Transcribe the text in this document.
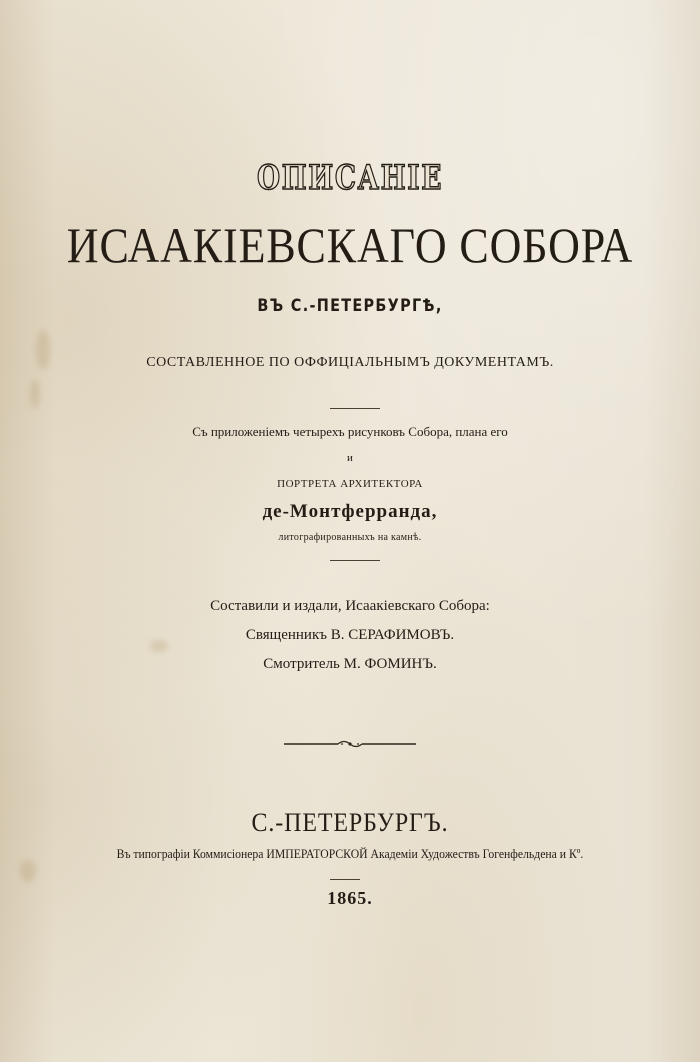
ОПИСАНІЕ
ИСААКІЕВСКАГО СОБОРА
ВЪ С.-ПЕТЕРБУРГѢ,
СОСТАВЛЕННОЕ ПО ОФФИЦІАЛЬНЫМЪ ДОКУМЕНТАМЪ.
Съ приложеніемъ четырехъ рисунковъ Собора, плана его
и
ПОРТРЕТА АРХИТЕКТОРА
де-Монтферранда,
литографированныхъ на камнѣ.
Составили и издали, Исаакіевскаго Собора:
Священникъ В. СЕРАФИМОВЪ.
Смотритель М. ФОМИНЪ.
С.-ПЕТЕРБУРГЪ.
Въ типографіи Коммисіонера ИМПЕРАТОРСКОЙ Академіи Художествъ Гогенфельдена и Кº.
1865.
